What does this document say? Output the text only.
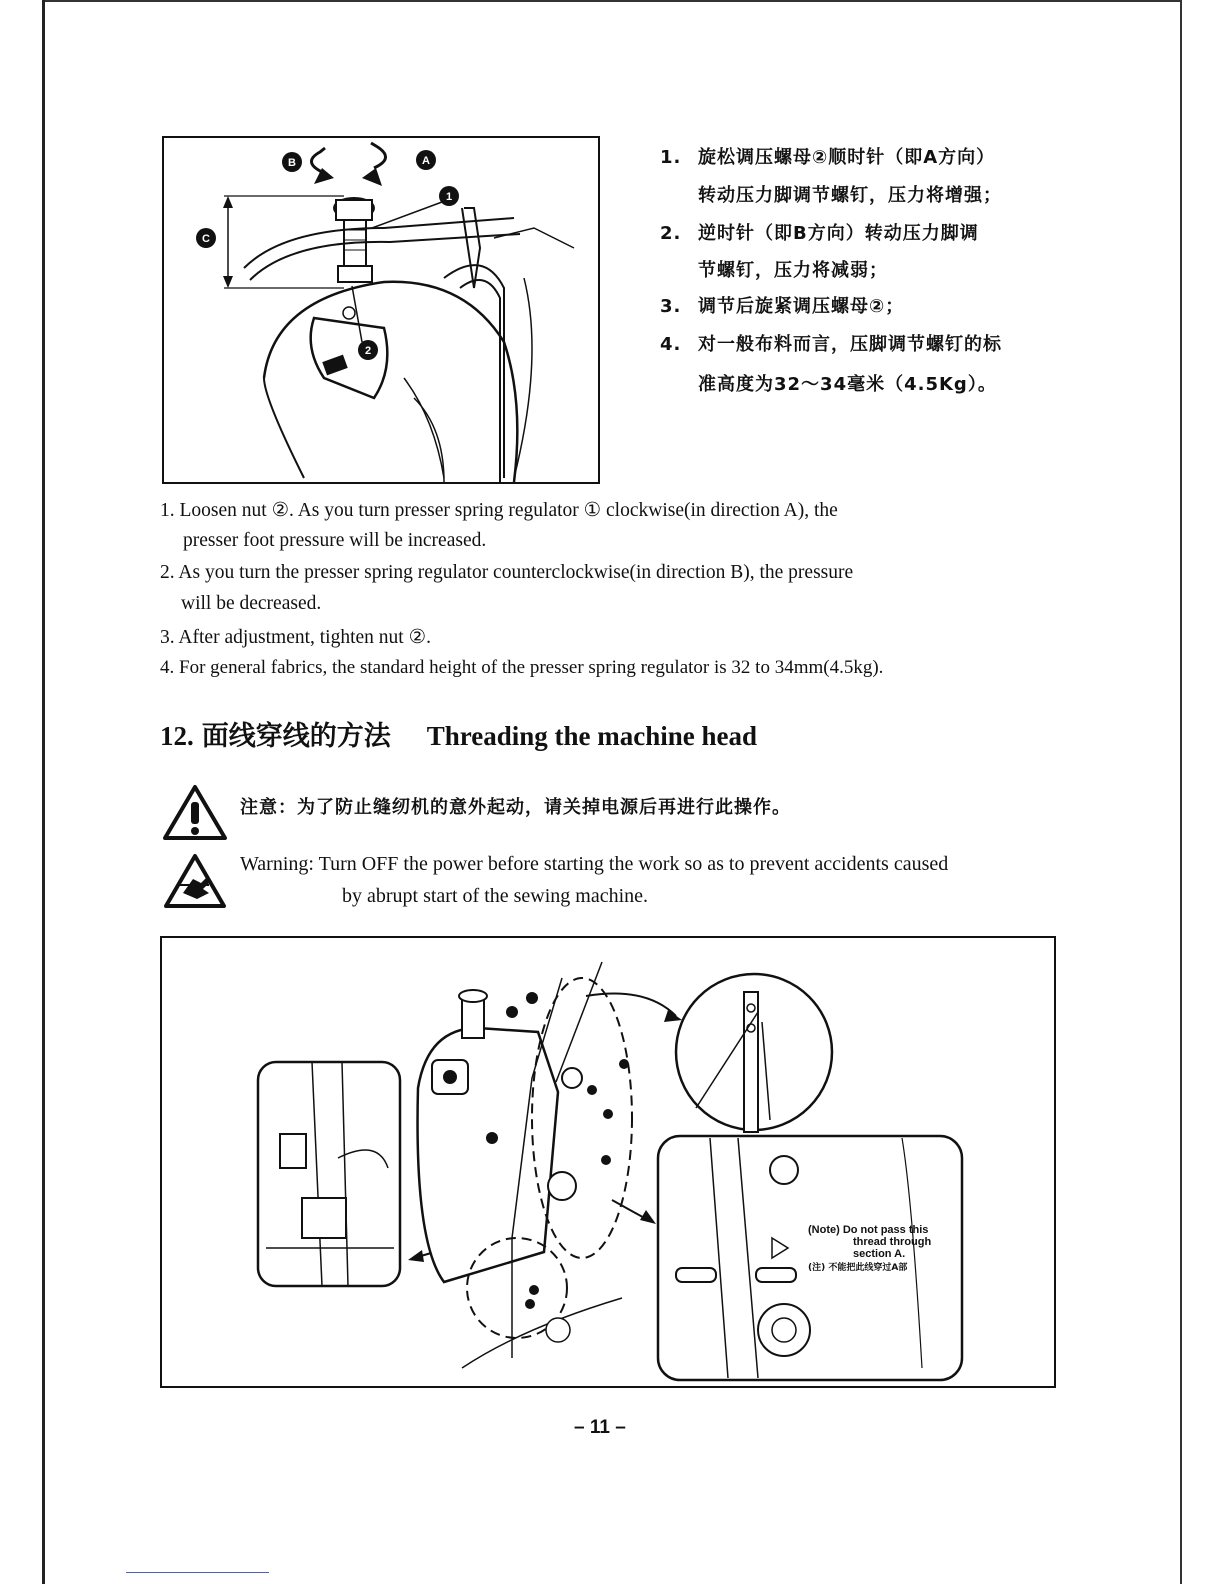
B	A
C
1
2
1. 旋松调压螺母②顺时针（即A方向）
转动压力脚调节螺钉，压力将增强；
2. 逆时针（即B方向）转动压力脚调
节螺钉，压力将减弱；
3. 调节后旋紧调压螺母②；
4. 对一般布料而言，压脚调节螺钉的标
准高度为32～34毫米（4.5Kg）。
1. Loosen nut ②. As you turn presser spring regulator ① clockwise(in direction A), the
presser foot pressure will be increased.
2. As you turn the presser spring regulator counterclockwise(in direction B), the pressure
will be decreased.
3. After adjustment, tighten nut ②.
4. For general fabrics, the standard height of the presser spring regulator is 32 to 34mm(4.5kg).
12. 面线穿线的方法 Threading the machine head
注意：为了防止缝纫机的意外起动，请关掉电源后再进行此操作。
Warning: Turn OFF the power before starting the work so as to prevent accidents caused
by abrupt start of the sewing machine.
(Note) Do not pass this
thread through
section A.
(注) 不能把此线穿过A部
– 11 –
